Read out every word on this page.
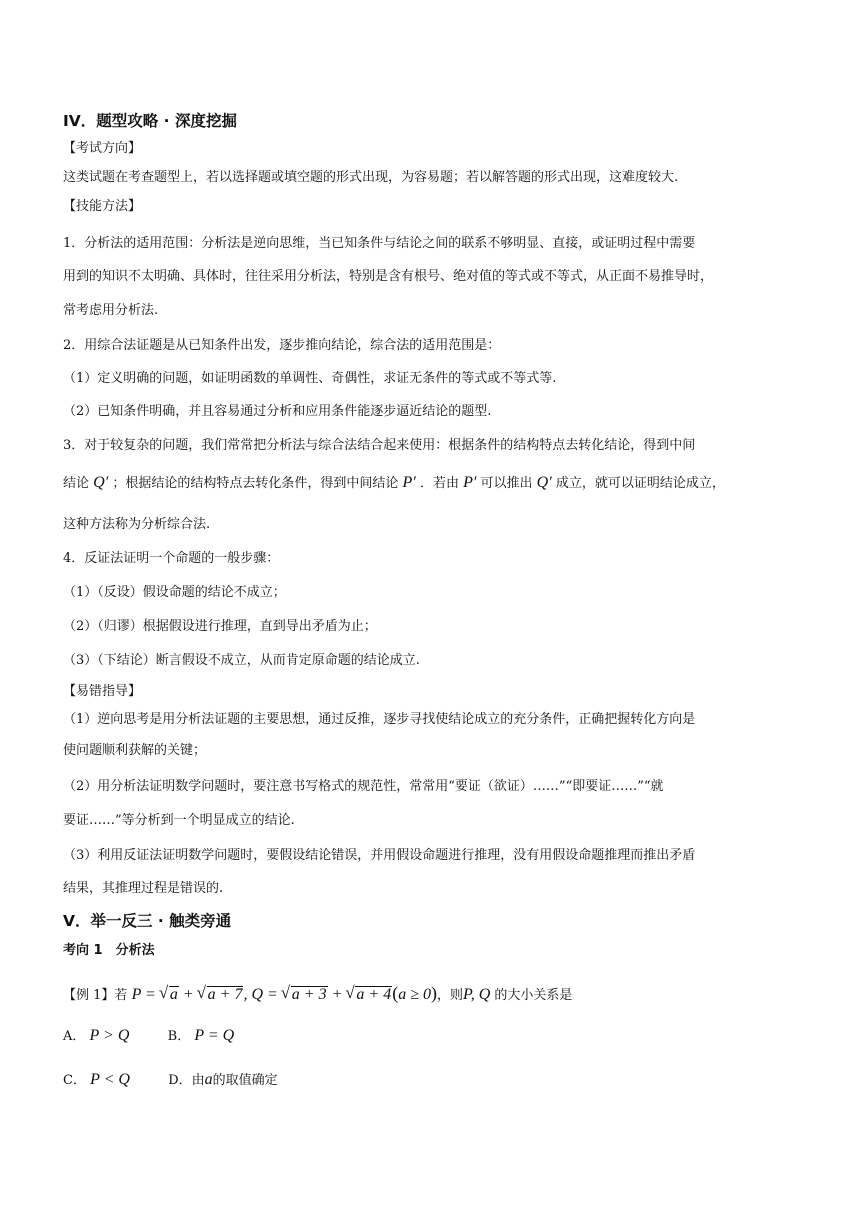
IV．题型攻略 · 深度挖掘
【考试方向】
这类试题在考查题型上，若以选择题或填空题的形式出现，为容易题；若以解答题的形式出现，这难度较大.
【技能方法】
1．分析法的适用范围：分析法是逆向思维，当已知条件与结论之间的联系不够明显、直接，或证明过程中需要
用到的知识不太明确、具体时，往往采用分析法，特别是含有根号、绝对值的等式或不等式，从正面不易推导时，
常考虑用分析法.
2．用综合法证题是从已知条件出发，逐步推向结论，综合法的适用范围是：
（1）定义明确的问题，如证明函数的单调性、奇偶性，求证无条件的等式或不等式等.
（2）已知条件明确，并且容易通过分析和应用条件能逐步逼近结论的题型.
3．对于较复杂的问题，我们常常把分析法与综合法结合起来使用：根据条件的结构特点去转化结论，得到中间
结论 Q′ ；根据结论的结构特点去转化条件，得到中间结论 P′ ．若由 P′ 可以推出 Q′ 成立，就可以证明结论成立，
这种方法称为分析综合法.
4．反证法证明一个命题的一般步骤：
（1）（反设）假设命题的结论不成立；
（2）（归谬）根据假设进行推理，直到导出矛盾为止；
（3）（下结论）断言假设不成立，从而肯定原命题的结论成立.
【易错指导】
（1）逆向思考是用分析法证题的主要思想，通过反推，逐步寻找使结论成立的充分条件，正确把握转化方向是
使问题顺利获解的关键；
（2）用分析法证明数学问题时，要注意书写格式的规范性，常常用“要证（欲证）……”“即要证……”“就
要证……”等分析到一个明显成立的结论.
（3）利用反证法证明数学问题时，要假设结论错误，并用假设命题进行推理，没有用假设命题推理而推出矛盾
结果，其推理过程是错误的.
V．举一反三 · 触类旁通
考向 1　分析法
【例 1】若 P = √ a + √ a + 7, Q = √ a + 3 + √ a + 4(a ≥ 0)，则P, Q 的大小关系是
A． P > Q	B． P = Q
C． P < Q	D．由a的取值确定
